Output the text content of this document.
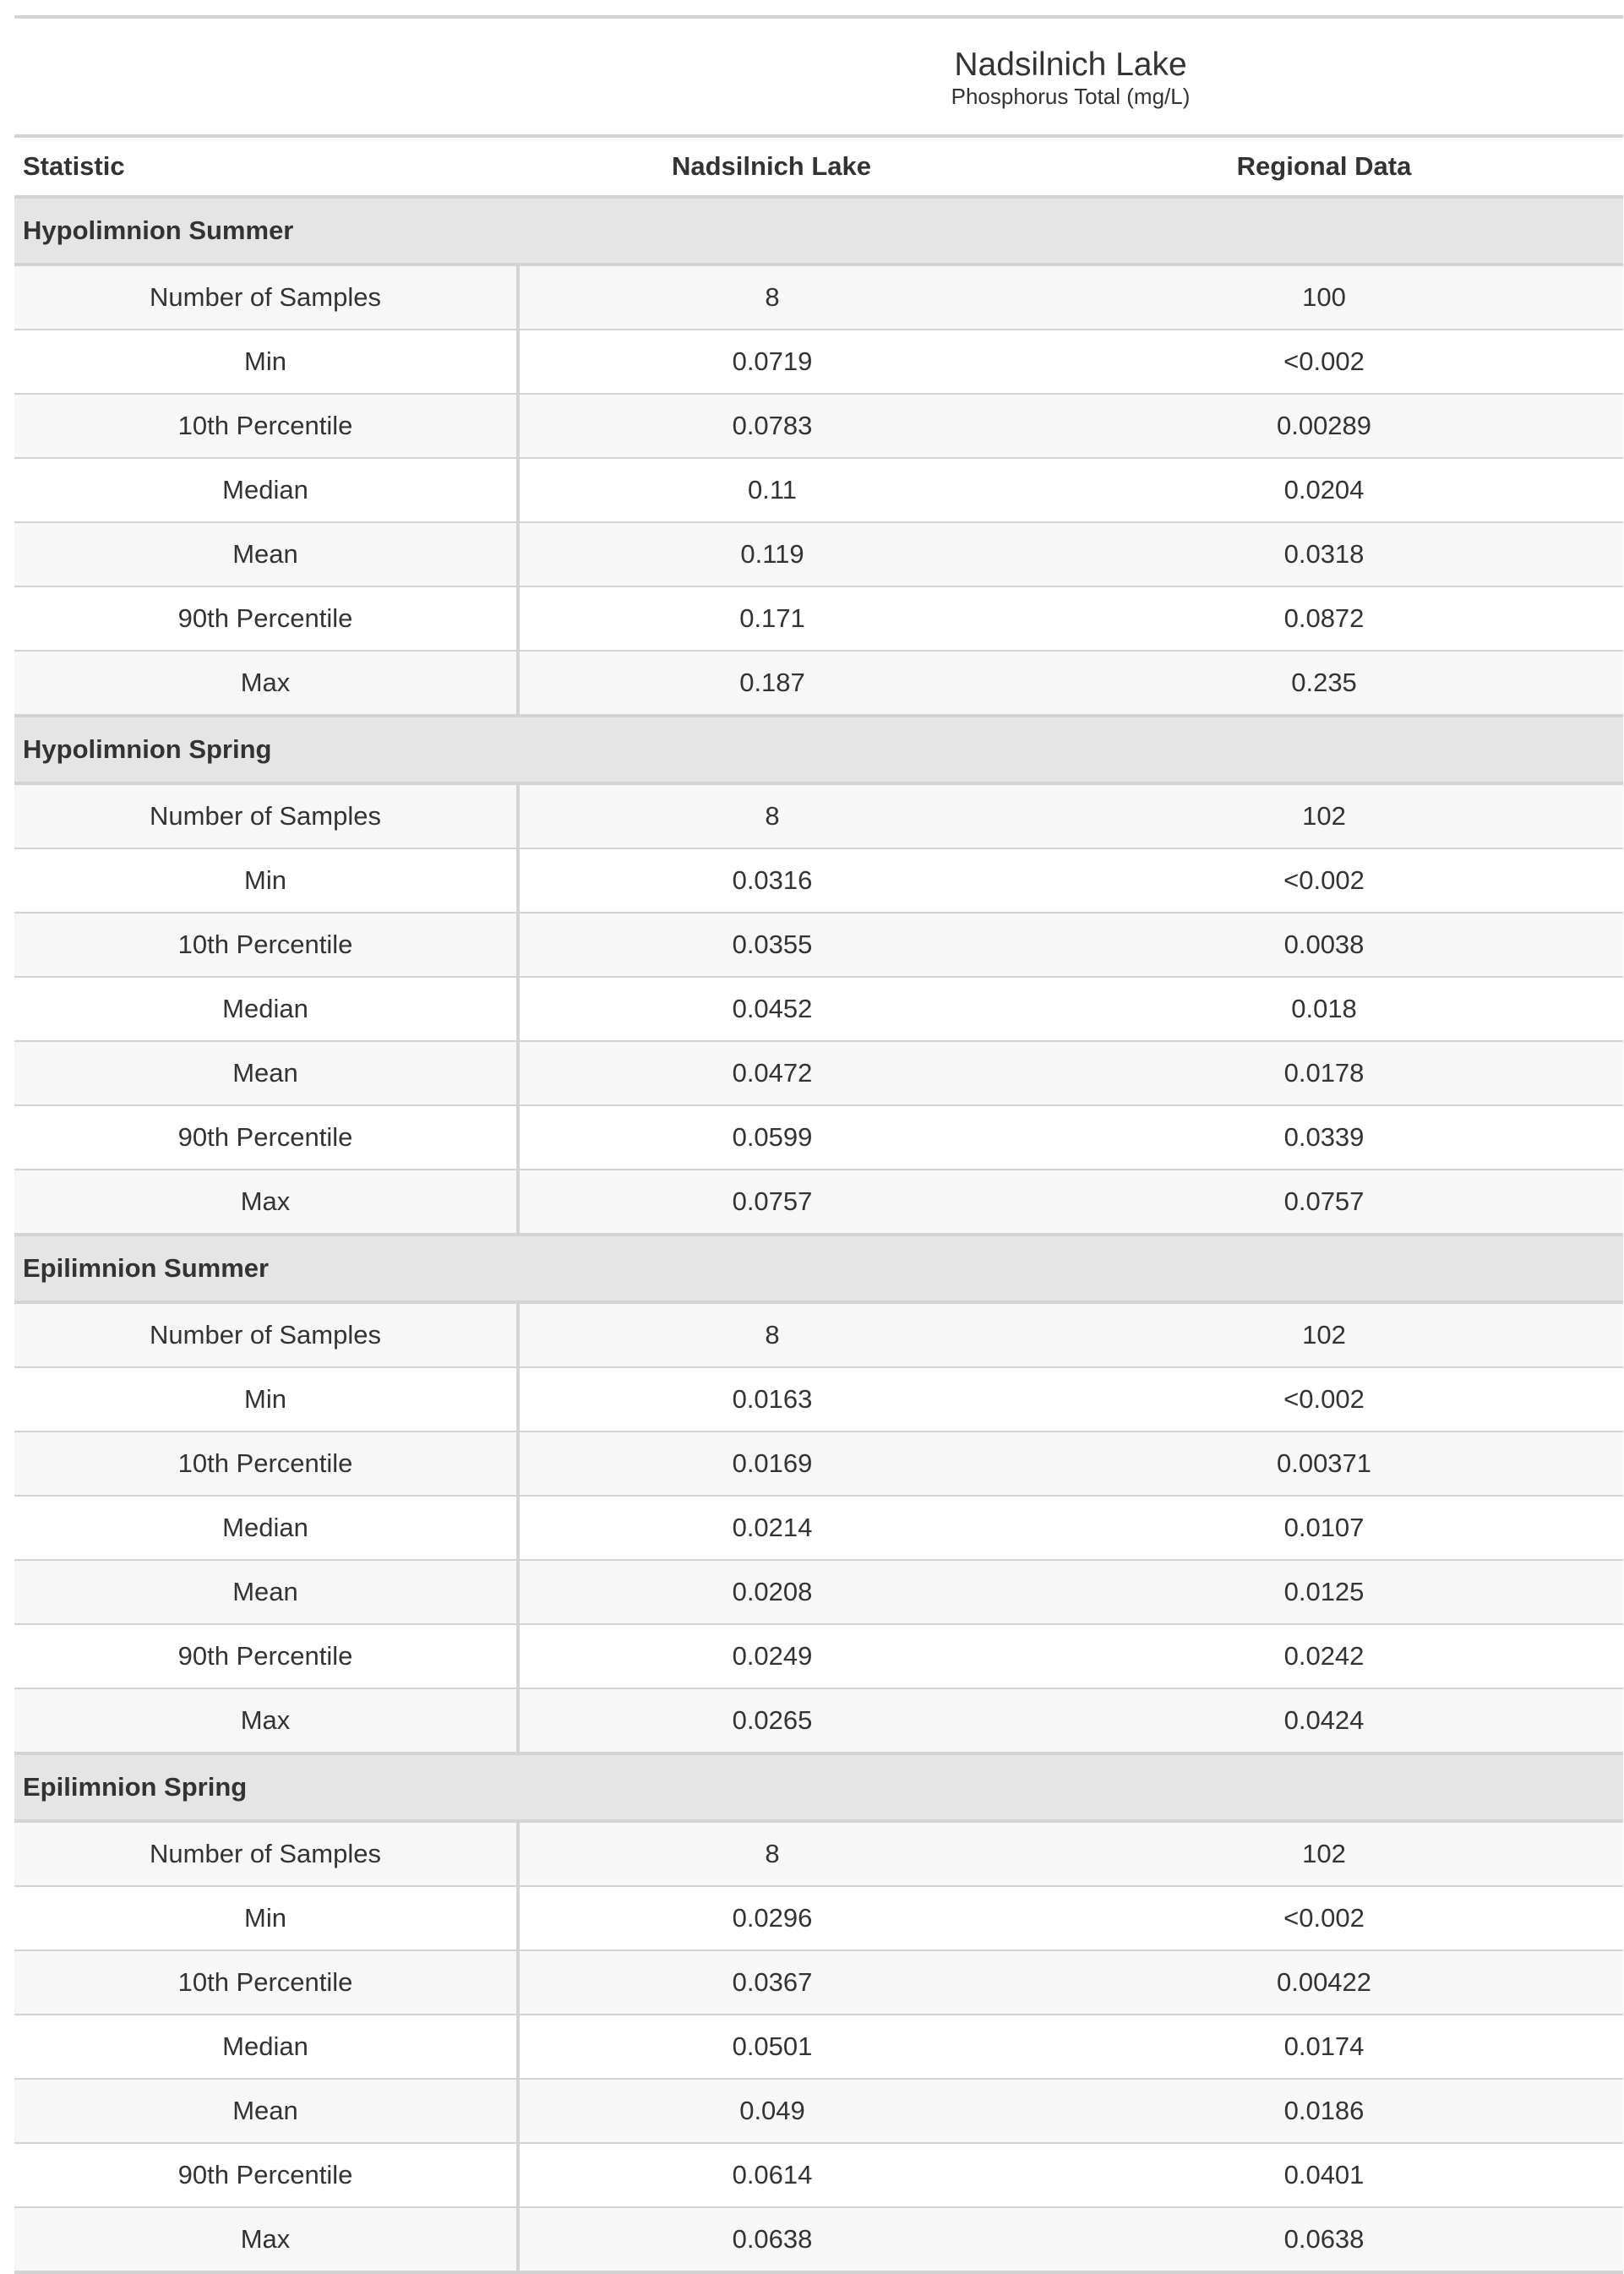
	Nadsilnich Lake	
	Phosphorus Total (mg/L)	
Statistic	Nadsilnich Lake	Regional Data
Hypolimnion Summer		
Number of Samples	8	100
Min	0.0719	<0.002
10th Percentile	0.0783	0.00289
Median	0.11	0.0204
Mean	0.119	0.0318
90th Percentile	0.171	0.0872
Max	0.187	0.235
Hypolimnion Spring		
Number of Samples	8	102
Min	0.0316	<0.002
10th Percentile	0.0355	0.0038
Median	0.0452	0.018
Mean	0.0472	0.0178
90th Percentile	0.0599	0.0339
Max	0.0757	0.0757
Epilimnion Summer		
Number of Samples	8	102
Min	0.0163	<0.002
10th Percentile	0.0169	0.00371
Median	0.0214	0.0107
Mean	0.0208	0.0125
90th Percentile	0.0249	0.0242
Max	0.0265	0.0424
Epilimnion Spring		
Number of Samples	8	102
Min	0.0296	<0.002
10th Percentile	0.0367	0.00422
Median	0.0501	0.0174
Mean	0.049	0.0186
90th Percentile	0.0614	0.0401
Max	0.0638	0.0638
